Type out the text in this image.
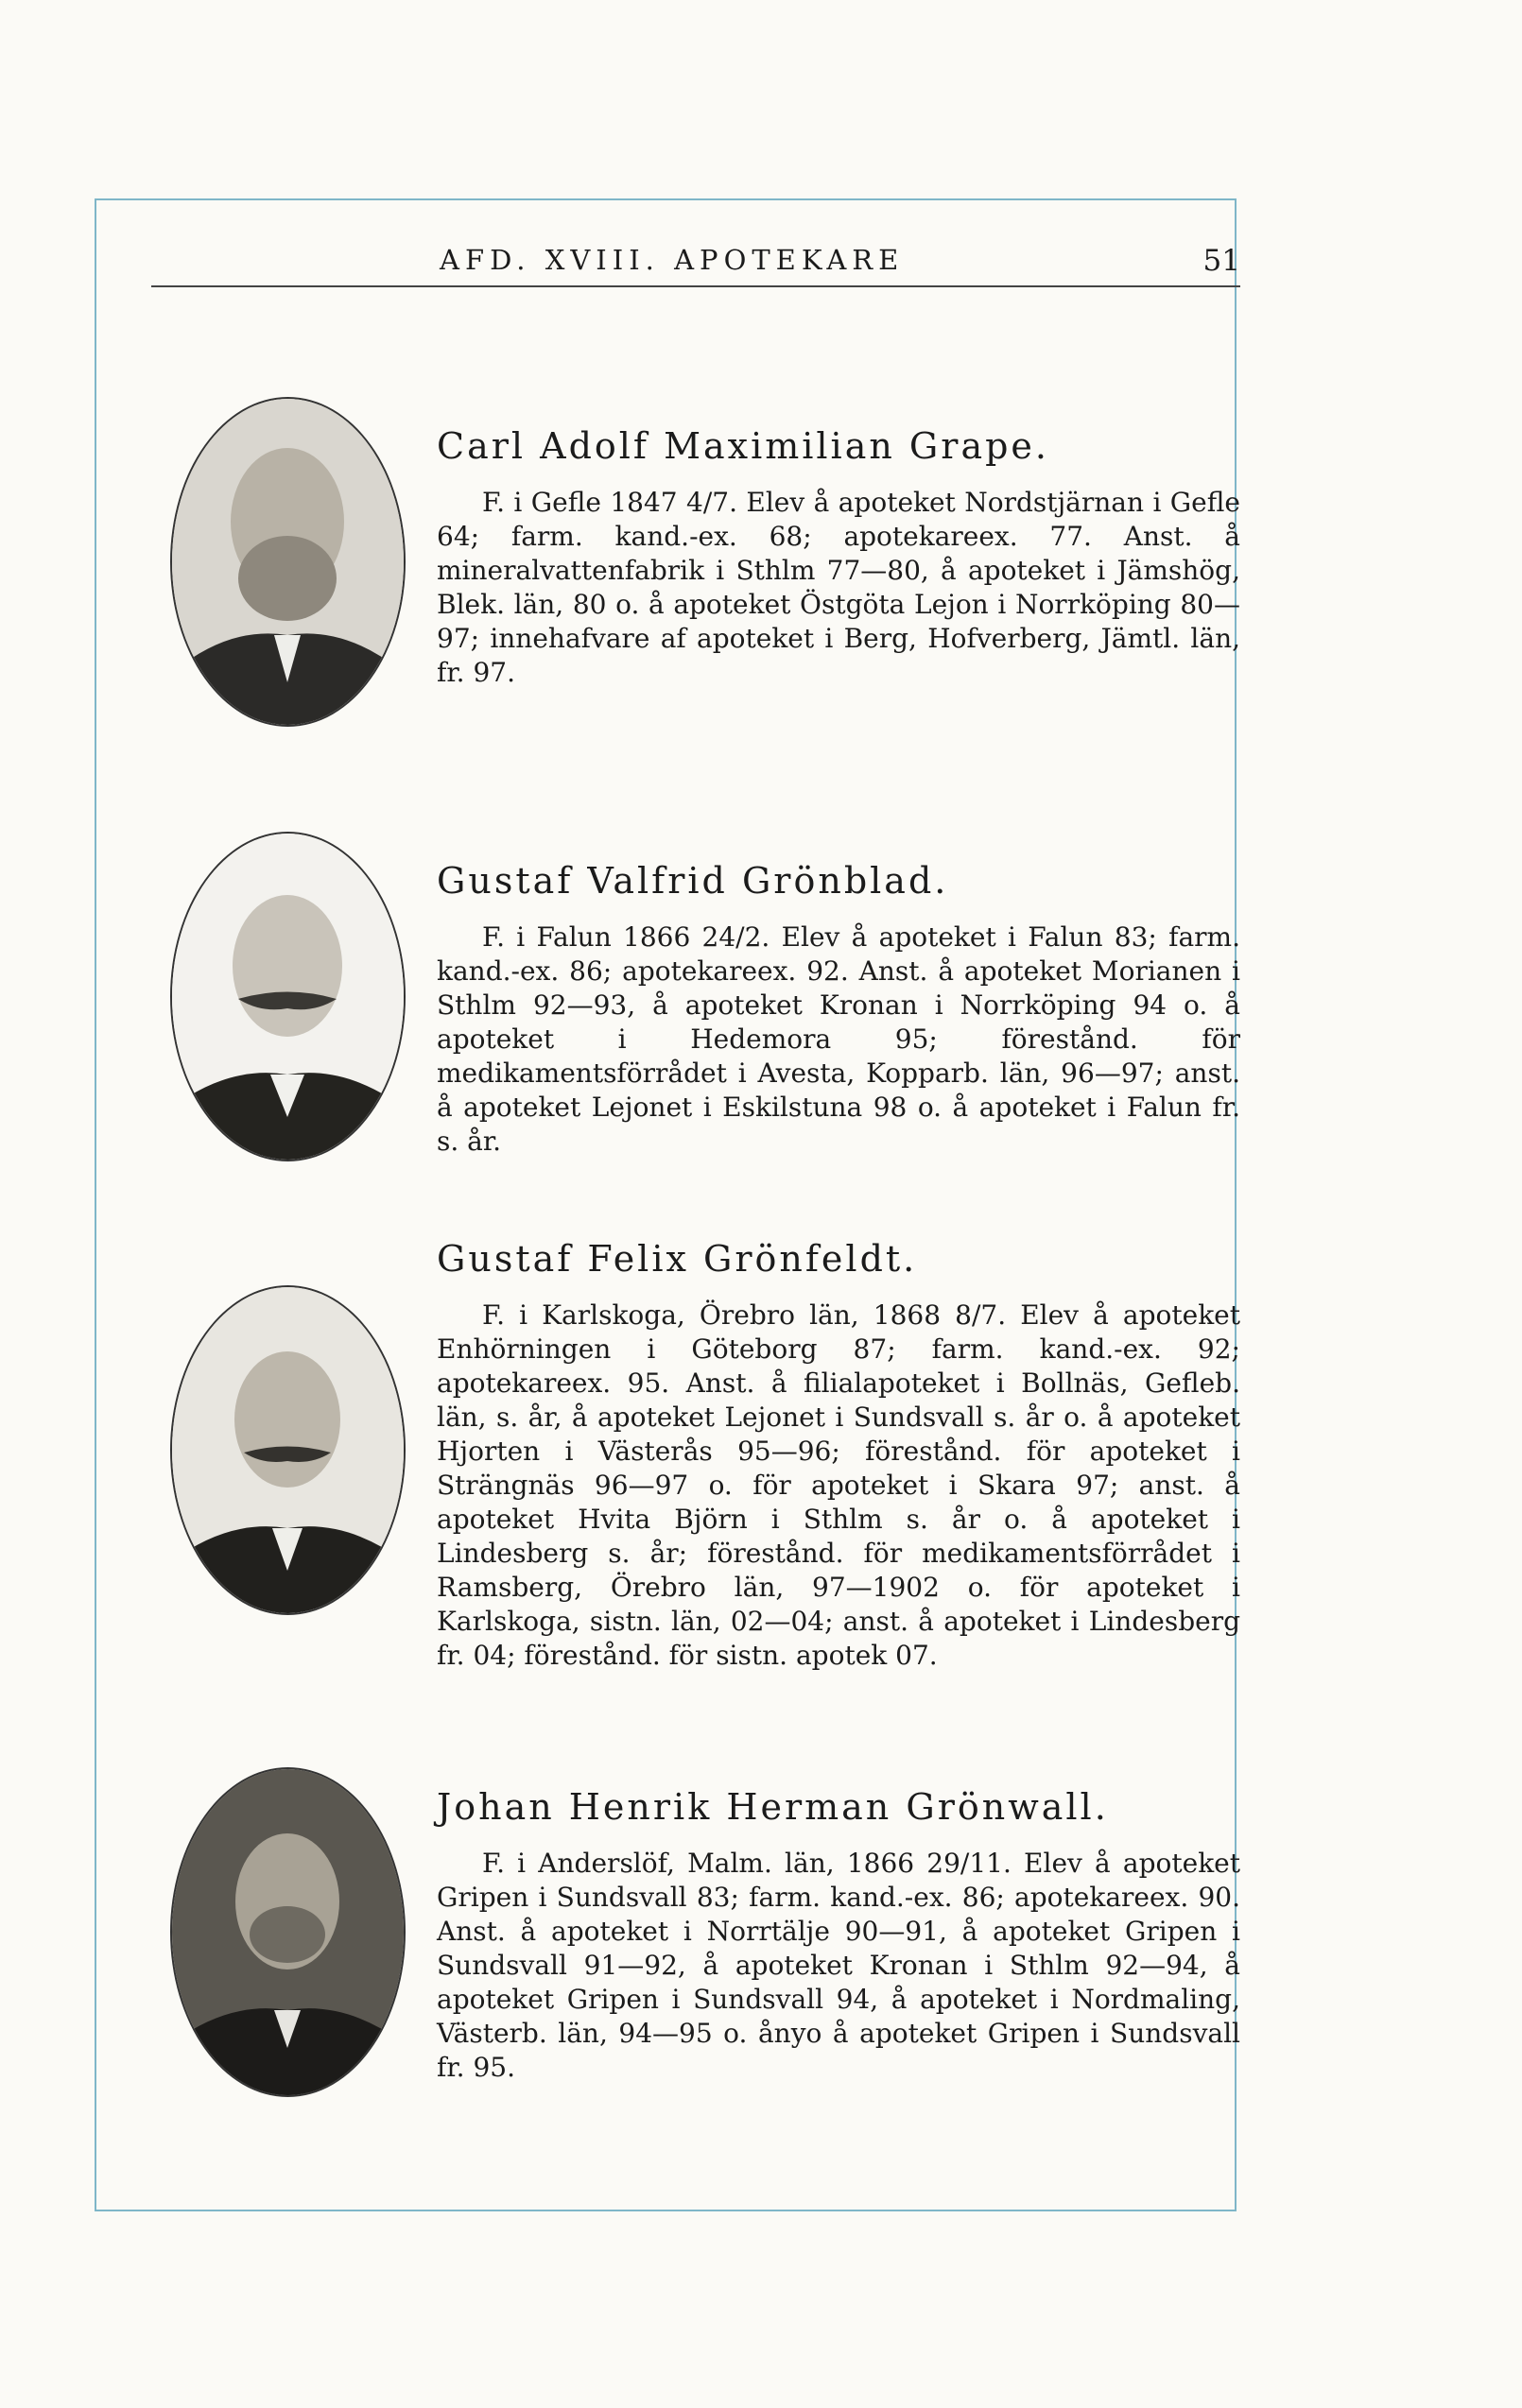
AFD. XVIII. APOTEKARE	51
Carl Adolf Maximilian Grape.
F. i Gefle 1847 4/7. Elev å apoteket Nordstjärnan i Gefle 64; farm. kand.-ex. 68; apotekareex. 77. Anst. å mineralvattenfabrik i Sthlm 77—80, å apoteket i Jämshög, Blek. län, 80 o. å apoteket Östgöta Lejon i Norrköping 80—97; innehafvare af apoteket i Berg, Hofverberg, Jämtl. län, fr. 97.
Gustaf Valfrid Grönblad.
F. i Falun 1866 24/2. Elev å apoteket i Falun 83; farm. kand.-ex. 86; apotekareex. 92. Anst. å apoteket Morianen i Sthlm 92—93, å apoteket Kronan i Norrköping 94 o. å apoteket i Hedemora 95; förestånd. för medikamentsförrådet i Avesta, Kopparb. län, 96—97; anst. å apoteket Lejonet i Eskilstuna 98 o. å apoteket i Falun fr. s. år.
Gustaf Felix Grönfeldt.
F. i Karlskoga, Örebro län, 1868 8/7. Elev å apoteket Enhörningen i Göteborg 87; farm. kand.-ex. 92; apotekareex. 95. Anst. å filialapoteket i Bollnäs, Gefleb. län, s. år, å apoteket Lejonet i Sundsvall s. år o. å apoteket Hjorten i Västerås 95—96; förestånd. för apoteket i Strängnäs 96—97 o. för apoteket i Skara 97; anst. å apoteket Hvita Björn i Sthlm s. år o. å apoteket i Lindesberg s. år; förestånd. för medikamentsförrådet i Ramsberg, Örebro län, 97—1902 o. för apoteket i Karlskoga, sistn. län, 02—04; anst. å apoteket i Lindesberg fr. 04; förestånd. för sistn. apotek 07.
Johan Henrik Herman Grönwall.
F. i Anderslöf, Malm. län, 1866 29/11. Elev å apoteket Gripen i Sundsvall 83; farm. kand.-ex. 86; apotekareex. 90. Anst. å apoteket i Norrtälje 90—91, å apoteket Gripen i Sundsvall 91—92, å apoteket Kronan i Sthlm 92—94, å apoteket Gripen i Sundsvall 94, å apoteket i Nordmaling, Västerb. län, 94—95 o. ånyo å apoteket Gripen i Sundsvall fr. 95.
